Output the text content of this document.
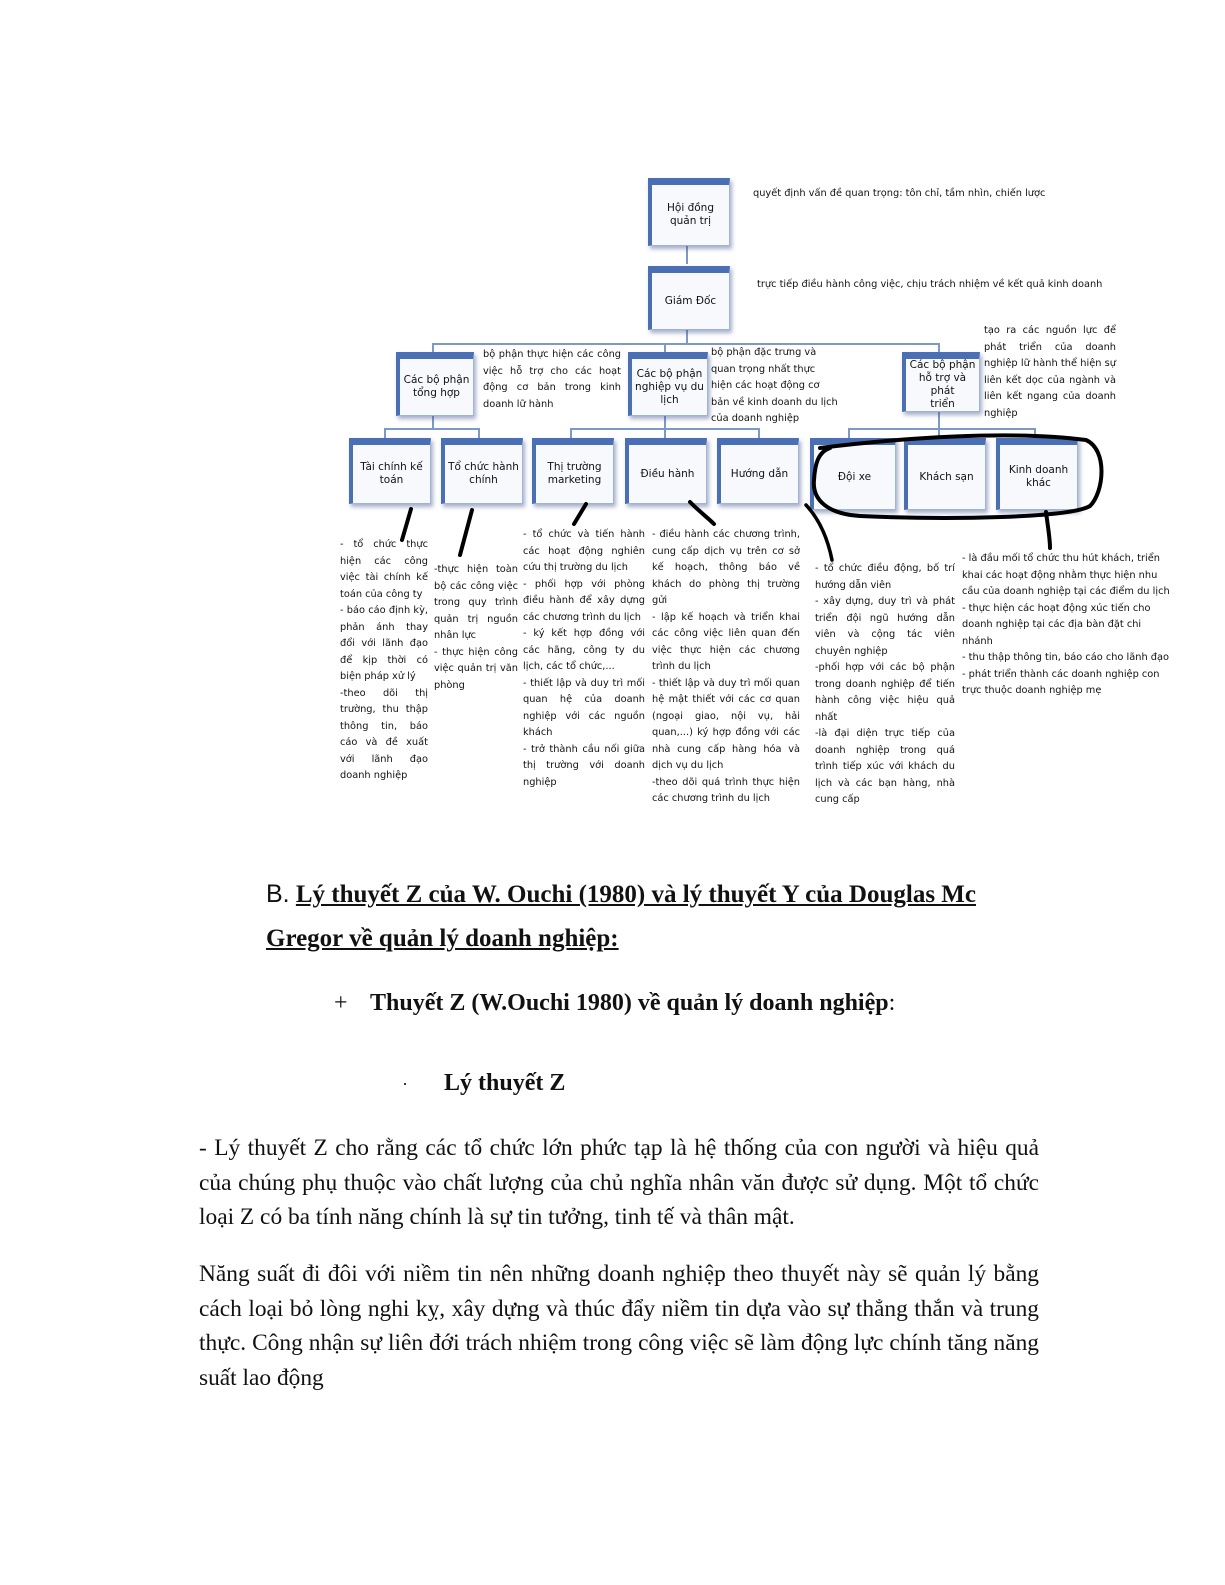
Hội đồng
quản trị
Giám Đốc
Các bộ phận
tổng hợp
Các bộ phận
nghiệp vụ du
lịch
Các bộ phận
hỗ trợ và phát
triển
Tài chính kế
toán
Tổ chức hành
chính
Thị trường
marketing
Điều hành	Hướng dẫn	Đội xe	Khách sạn
Kinh doanh
khác
quyết định vấn đề quan trọng: tôn chỉ, tầm nhìn, chiến lược
trực tiếp điều hành công việc, chịu trách nhiệm về kết quả kinh doanh
bộ phận thực hiện các công việc hỗ trợ cho các hoạt động cơ bản trong kinh doanh lữ hành
bộ phận đặc trưng và quan trọng nhất thực hiện các hoạt động cơ bản về kinh doanh du lịch của doanh nghiệp
tạo ra các nguồn lực để phát triển của doanh nghiệp lữ hành thể hiện sự liên kết dọc của ngành và liên kết ngang của doanh nghiệp
- tổ chức thực hiện các công việc tài chính kế toán của công ty
- báo cáo định kỳ, phản ánh thay đổi với lãnh đạo để kịp thời có biện pháp xử lý
-theo dõi thị trường, thu thập thông tin, báo cáo và đề xuất với lãnh đạo doanh nghiệp
-thực hiện toàn bộ các công việc trong quy trình quản trị nguồn nhân lực
- thực hiện công việc quản trị văn phòng
- tổ chức và tiến hành các hoạt động nghiên cứu thị trường du lịch
- phối hợp với phòng điều hành để xây dựng các chương trình du lịch
- ký kết hợp đồng với các hãng, công ty du lịch, các tổ chức,...
- thiết lập và duy trì mối quan hệ của doanh nghiệp với các nguồn khách
- trở thành cầu nối giữa thị trường với doanh nghiệp
- điều hành các chương trình, cung cấp dịch vụ trên cơ sở kế hoạch, thông báo về khách do phòng thị trường gửi
- lập kế hoạch và triển khai các công việc liên quan đến việc thực hiện các chương trình du lịch
- thiết lập và duy trì mối quan hệ mật thiết với các cơ quan (ngoại giao, nội vụ, hải quan,...) ký hợp đồng với các nhà cung cấp hàng hóa và dịch vụ du lịch
-theo dõi quá trình thực hiện các chương trình du lịch
- tổ chức điều động, bố trí hướng dẫn viên
- xây dựng, duy trì và phát triển đội ngũ hướng dẫn viên và cộng tác viên chuyên nghiệp
-phối hợp với các bộ phận trong doanh nghiệp để tiến hành công việc hiệu quả nhất
-là đại diện trực tiếp của doanh nghiệp trong quá trình tiếp xúc với khách du lịch và các bạn hàng, nhà cung cấp
- là đầu mối tổ chức thu hút khách, triển khai các hoạt động nhằm thực hiện nhu cầu của doanh nghiệp tại các điểm du lịch
- thực hiện các hoạt động xúc tiến cho doanh nghiệp tại các địa bàn đặt chi nhánh
- thu thập thông tin, báo cáo cho lãnh đạo
- phát triển thành các doanh nghiệp con trực thuộc doanh nghiệp mẹ
B. Lý thuyết Z của W. Ouchi (1980) và lý thuyết Y của Douglas Mc Gregor về quản lý doanh nghiệp:
+ Thuyết Z (W.Ouchi 1980) về quản lý doanh nghiệp:
· Lý thuyết Z
- Lý thuyết Z cho rằng các tổ chức lớn phức tạp là hệ thống của con người và hiệu quả của chúng phụ thuộc vào chất lượng của chủ nghĩa nhân văn được sử dụng. Một tổ chức loại Z có ba tính năng chính là sự tin tưởng, tinh tế và thân mật.
Năng suất đi đôi với niềm tin nên những doanh nghiệp theo thuyết này sẽ quản lý bằng cách loại bỏ lòng nghi kỵ, xây dựng và thúc đẩy niềm tin dựa vào sự thẳng thắn và trung thực. Công nhận sự liên đới trách nhiệm trong công việc sẽ làm động lực chính tăng năng suất lao động
